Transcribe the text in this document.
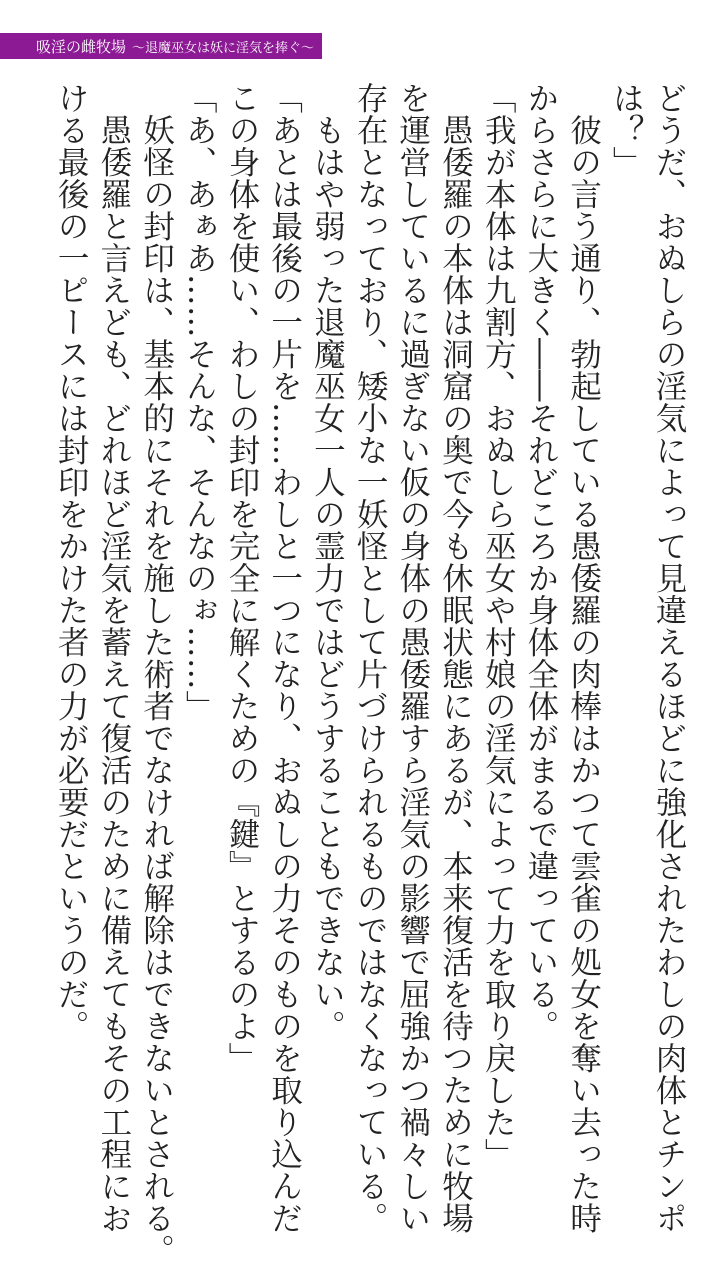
吸淫の雌牧場 ～退魔巫女は妖に淫気を捧ぐ～

どうだ、おぬしらの淫気によって見違えるほどに強化されたわしの肉体とチンポ

は？」

　彼の言う通り、勃起している愚倭羅の肉棒はかつて雲雀の処女を奪い去った時

からさらに大きく――それどころか身体全体がまるで違っている。

「我が本体は九割方、おぬしら巫女や村娘の淫気によって力を取り戻した」

　愚倭羅の本体は洞窟の奥で今も休眠状態にあるが、本来復活を待つために牧場

を運営しているに過ぎない仮の身体の愚倭羅すら淫気の影響で屈強かつ禍々しい

存在となっており、矮小な一妖怪として片づけられるものではなくなっている。

　もはや弱った退魔巫女一人の霊力ではどうすることもできない。

「あとは最後の一片を……わしと一つになり、おぬしの力そのものを取り込んだ

この身体を使い、わしの封印を完全に解くための『鍵』とするのよ」

「あ、あぁあ……そんな、そんなのぉ……」

　妖怪の封印は、基本的にそれを施した術者でなければ解除はできないとされる。

　愚倭羅と言えども、どれほど淫気を蓄えて復活のために備えてもその工程にお

ける最後の一ピースには封印をかけた者の力が必要だというのだ。
